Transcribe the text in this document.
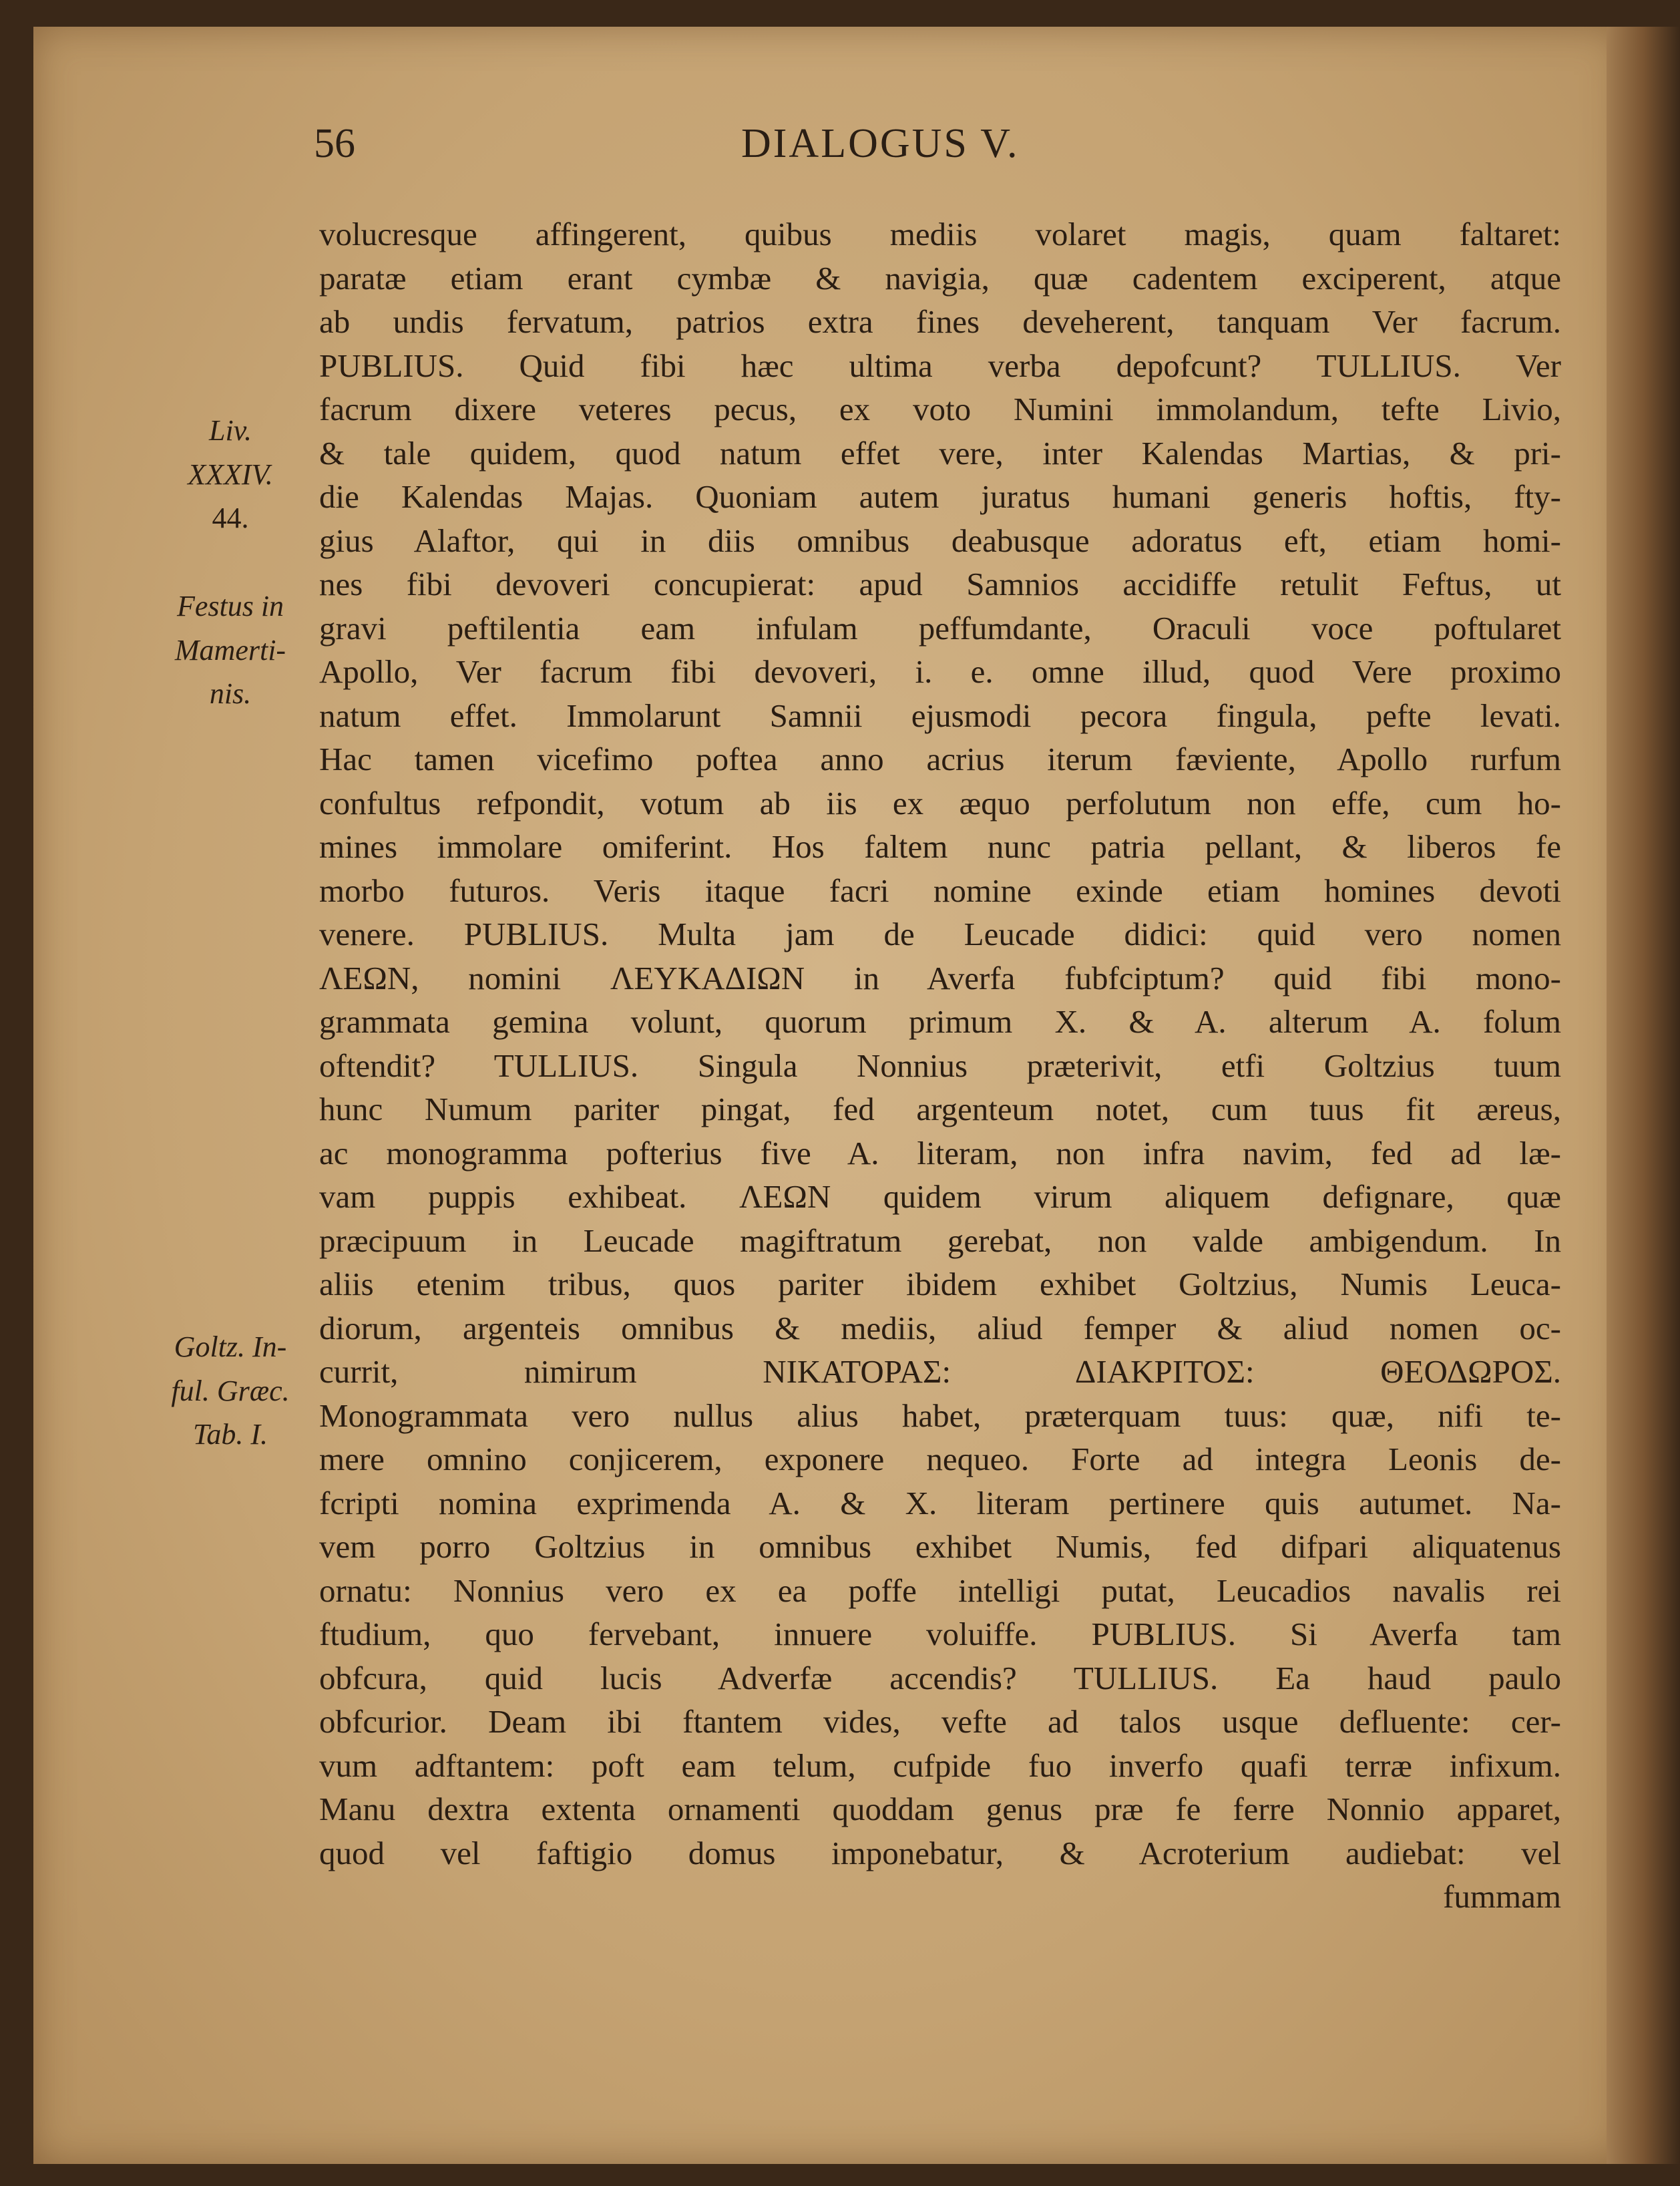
56	DIALOGUS V.
Liv.
XXXIV.
44.
Festus in
Mamerti-
nis.
Goltz. In-
ful. Græc.
Tab. I.
volucresque affingerent, quibus mediis volaret magis, quam faltaret:
paratæ etiam erant cymbæ & navigia, quæ cadentem exciperent, atque
ab undis fervatum, patrios extra fines deveherent, tanquam Ver facrum.
PUBLIUS. Quid fibi hæc ultima verba depofcunt? TULLIUS. Ver
facrum dixere veteres pecus, ex voto Numini immolandum, tefte Livio,
& tale quidem, quod natum effet vere, inter Kalendas Martias, & pri-
die Kalendas Majas. Quoniam autem juratus humani generis hoftis, fty-
gius Alaftor, qui in diis omnibus deabusque adoratus eft, etiam homi-
nes fibi devoveri concupierat: apud Samnios accidiffe retulit Feftus, ut
gravi peftilentia eam infulam peffumdante, Oraculi voce poftularet
Apollo, Ver facrum fibi devoveri, i. e. omne illud, quod Vere proximo
natum effet. Immolarunt Samnii ejusmodi pecora fingula, pefte levati.
Hac tamen vicefimo poftea anno acrius iterum fæviente, Apollo rurfum
confultus refpondit, votum ab iis ex æquo perfolutum non effe, cum ho-
mines immolare omiferint. Hos faltem nunc patria pellant, & liberos fe
morbo futuros. Veris itaque facri nomine exinde etiam homines devoti
venere. PUBLIUS. Multa jam de Leucade didici: quid vero nomen
ΛΕΩΝ, nomini ΛΕΥΚΑΔΙΩΝ in Averfa fubfciptum? quid fibi mono-
grammata gemina volunt, quorum primum X. & A. alterum A. folum
oftendit? TULLIUS. Singula Nonnius præterivit, etfi Goltzius tuum
hunc Numum pariter pingat, fed argenteum notet, cum tuus fit æreus,
ac monogramma pofterius five A. literam, non infra navim, fed ad læ-
vam puppis exhibeat. ΛΕΩΝ quidem virum aliquem defignare, quæ
præcipuum in Leucade magiftratum gerebat, non valde ambigendum. In
aliis etenim tribus, quos pariter ibidem exhibet Goltzius, Numis Leuca-
diorum, argenteis omnibus & mediis, aliud femper & aliud nomen oc-
currit, nimirum ΝΙΚΑΤΟΡΑΣ: ΔΙΑΚΡΙΤΟΣ: ΘΕΟΔΩΡΟΣ.
Monogrammata vero nullus alius habet, præterquam tuus: quæ, nifi te-
mere omnino conjicerem, exponere nequeo. Forte ad integra Leonis de-
fcripti nomina exprimenda A. & X. literam pertinere quis autumet. Na-
vem porro Goltzius in omnibus exhibet Numis, fed difpari aliquatenus
ornatu: Nonnius vero ex ea poffe intelligi putat, Leucadios navalis rei
ftudium, quo fervebant, innuere voluiffe. PUBLIUS. Si Averfa tam
obfcura, quid lucis Adverfæ accendis? TULLIUS. Ea haud paulo
obfcurior. Deam ibi ftantem vides, vefte ad talos usque defluente: cer-
vum adftantem: poft eam telum, cufpide fuo inverfo quafi terræ infixum.
Manu dextra extenta ornamenti quoddam genus præ fe ferre Nonnio apparet,
quod vel faftigio domus imponebatur, & Acroterium audiebat: vel
fummam
